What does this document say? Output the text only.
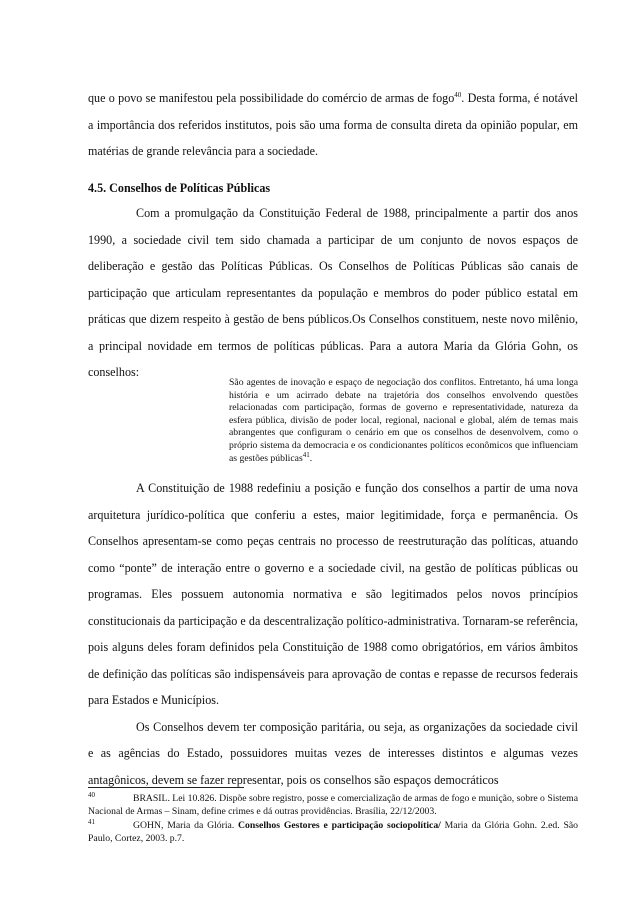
que o povo se manifestou pela possibilidade do comércio de armas de fogo$^{40}$. Desta forma, é notável a importância dos referidos institutos, pois são uma forma de consulta direta da opinião popular, em matérias de grande relevância para a sociedade.

4.5. Conselhos de Políticas Públicas

Com a promulgação da Constituição Federal de 1988, principalmente a partir dos anos 1990, a sociedade civil tem sido chamada a participar de um conjunto de novos espaços de deliberação e gestão das Políticas Públicas. Os Conselhos de Políticas Públicas são canais de participação que articulam representantes da população e membros do poder público estatal em práticas que dizem respeito à gestão de bens públicos.Os Conselhos constituem, neste novo milênio, a principal novidade em termos de políticas públicas. Para a autora Maria da Glória Gohn, os conselhos:

São agentes de inovação e espaço de negociação dos conflitos. Entretanto, há uma longa história e um acirrado debate na trajetória dos conselhos envolvendo questões relacionadas com participação, formas de governo e representatividade, natureza da esfera pública, divisão de poder local, regional, nacional e global, além de temas mais abrangentes que configuram o cenário em que os conselhos de desenvolvem, como o próprio sistema da democracia e os condicionantes políticos econômicos que influenciam as gestões públicas$^{41}$.

A Constituição de 1988 redefiniu a posição e função dos conselhos a partir de uma nova arquitetura jurídico-política que conferiu a estes, maior legitimidade, força e permanência. Os Conselhos apresentam-se como peças centrais no processo de reestruturação das políticas, atuando como “ponte” de interação entre o governo e a sociedade civil, na gestão de políticas públicas ou programas. Eles possuem autonomia normativa e são legitimados pelos novos princípios constitucionais da participação e da descentralização político-administrativa. Tornaram-se referência, pois alguns deles foram definidos pela Constituição de 1988 como obrigatórios, em vários âmbitos de definição das políticas são indispensáveis para aprovação de contas e repasse de recursos federais para Estados e Municípios.

Os Conselhos devem ter composição paritária, ou seja, as organizações da sociedade civil e as agências do Estado, possuidores muitas vezes de interesses distintos e algumas vezes antagônicos, devem se fazer representar, pois os conselhos são espaços democráticos

$^{40}$	BRASIL. Lei 10.826. Dispõe sobre registro, posse e comercialização de armas de fogo e munição, sobre o Sistema Nacional de Armas – Sinam, define crimes e dá outras providências. Brasília, 22/12/2003.
$^{41}$	GOHN, Maria da Glória. Conselhos Gestores e participação sociopolítica/ Maria da Glória Gohn. 2.ed. São Paulo, Cortez, 2003. p.7.
